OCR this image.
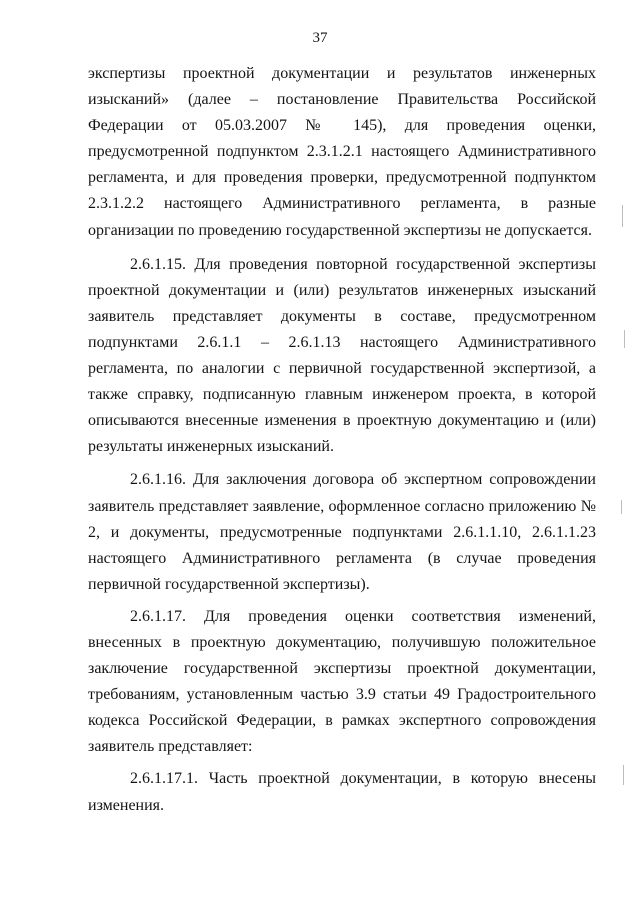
37

экспертизы проектной документации и результатов инженерных изысканий» (далее – постановление Правительства Российской Федерации от 05.03.2007 № 145), для проведения оценки, предусмотренной подпунктом 2.3.1.2.1 настоящего Административного регламента, и для проведения проверки, предусмотренной подпунктом 2.3.1.2.2 настоящего Административного регламента, в разные организации по проведению государственной экспертизы не допускается.

2.6.1.15. Для проведения повторной государственной экспертизы проектной документации и (или) результатов инженерных изысканий заявитель представляет документы в составе, предусмотренном подпунктами 2.6.1.1 – 2.6.1.13 настоящего Административного регламента, по аналогии с первичной государственной экспертизой, а также справку, подписанную главным инженером проекта, в которой описываются внесенные изменения в проектную документацию и (или) результаты инженерных изысканий.

2.6.1.16. Для заключения договора об экспертном сопровождении заявитель представляет заявление, оформленное согласно приложению № 2, и документы, предусмотренные подпунктами 2.6.1.1.10, 2.6.1.1.23 настоящего Административного регламента (в случае проведения первичной государственной экспертизы).

2.6.1.17. Для проведения оценки соответствия изменений, внесенных в проектную документацию, получившую положительное заключение государственной экспертизы проектной документации, требованиям, установленным частью 3.9 статьи 49 Градостроительного кодекса Российской Федерации, в рамках экспертного сопровождения заявитель представляет:

2.6.1.17.1. Часть проектной документации, в которую внесены изменения.
